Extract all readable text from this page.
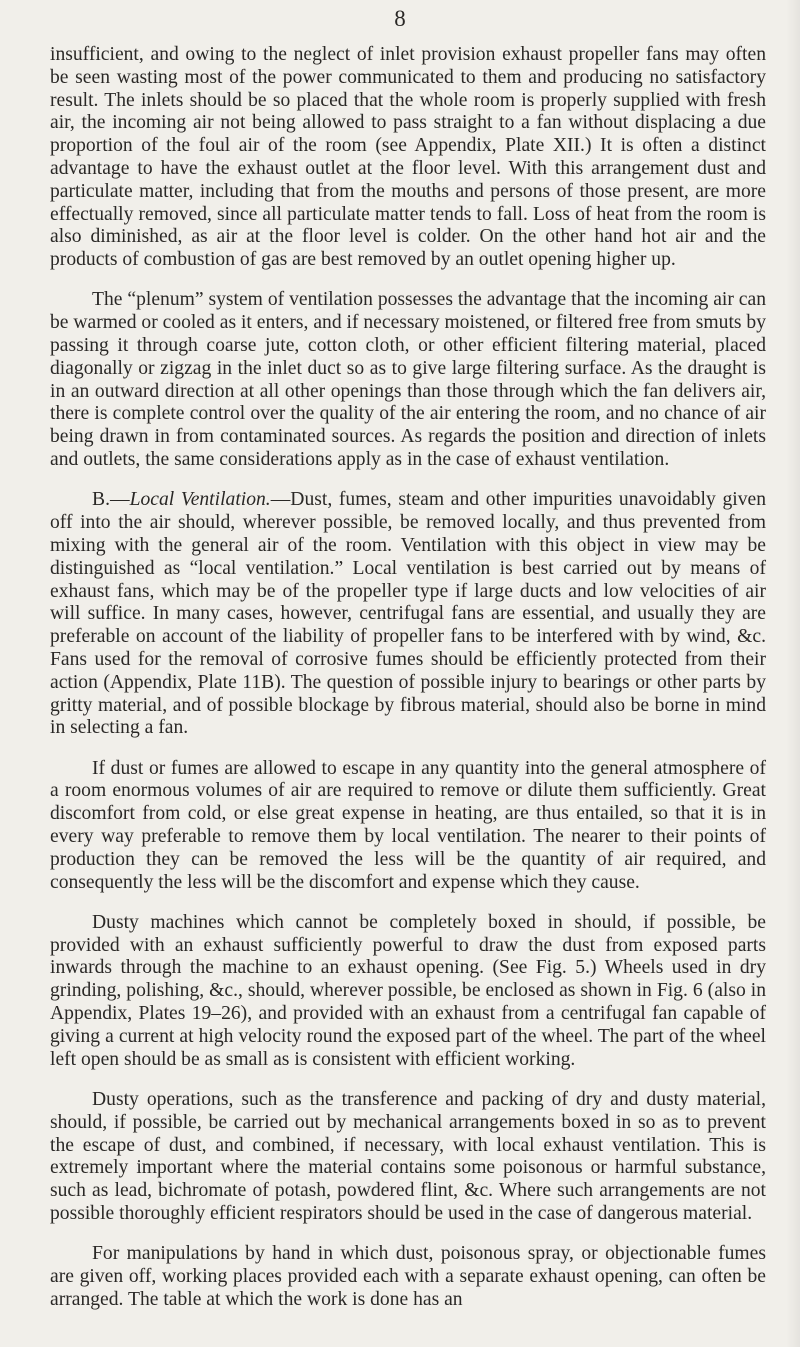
8

insufficient, and owing to the neglect of inlet provision exhaust propeller fans may often be seen wasting most of the power communicated to them and producing no satisfactory result. The inlets should be so placed that the whole room is properly supplied with fresh air, the incoming air not being allowed to pass straight to a fan without displacing a due proportion of the foul air of the room (see Appendix, Plate XII.) It is often a distinct advantage to have the exhaust outlet at the floor level. With this arrangement dust and particulate matter, including that from the mouths and persons of those present, are more effectually removed, since all particulate matter tends to fall. Loss of heat from the room is also diminished, as air at the floor level is colder. On the other hand hot air and the products of combustion of gas are best removed by an outlet opening higher up.

The “plenum” system of ventilation possesses the advantage that the incoming air can be warmed or cooled as it enters, and if necessary moistened, or filtered free from smuts by passing it through coarse jute, cotton cloth, or other efficient filtering material, placed diagonally or zigzag in the inlet duct so as to give large filtering surface. As the draught is in an outward direction at all other openings than those through which the fan delivers air, there is complete control over the quality of the air entering the room, and no chance of air being drawn in from contaminated sources. As regards the position and direction of inlets and outlets, the same considerations apply as in the case of exhaust ventilation.

B.—Local Ventilation.—Dust, fumes, steam and other impurities unavoidably given off into the air should, wherever possible, be removed locally, and thus prevented from mixing with the general air of the room. Ventilation with this object in view may be distinguished as “local ventilation.” Local ventilation is best carried out by means of exhaust fans, which may be of the propeller type if large ducts and low velocities of air will suffice. In many cases, however, centrifugal fans are essential, and usually they are preferable on account of the liability of propeller fans to be interfered with by wind, &c. Fans used for the removal of corrosive fumes should be efficiently protected from their action (Appendix, Plate 11B). The question of possible injury to bearings or other parts by gritty material, and of possible blockage by fibrous material, should also be borne in mind in selecting a fan.

If dust or fumes are allowed to escape in any quantity into the general atmosphere of a room enormous volumes of air are required to remove or dilute them sufficiently. Great discomfort from cold, or else great expense in heating, are thus entailed, so that it is in every way preferable to remove them by local ventilation. The nearer to their points of production they can be removed the less will be the quantity of air required, and consequently the less will be the discomfort and expense which they cause.

Dusty machines which cannot be completely boxed in should, if possible, be provided with an exhaust sufficiently powerful to draw the dust from exposed parts inwards through the machine to an exhaust opening. (See Fig. 5.) Wheels used in dry grinding, polishing, &c., should, wherever possible, be enclosed as shown in Fig. 6 (also in Appendix, Plates 19–26), and provided with an exhaust from a centrifugal fan capable of giving a current at high velocity round the exposed part of the wheel. The part of the wheel left open should be as small as is consistent with efficient working.

Dusty operations, such as the transference and packing of dry and dusty material, should, if possible, be carried out by mechanical arrangements boxed in so as to prevent the escape of dust, and combined, if necessary, with local exhaust ventilation. This is extremely important where the material contains some poisonous or harmful substance, such as lead, bichromate of potash, powdered flint, &c. Where such arrangements are not possible thoroughly efficient respirators should be used in the case of dangerous material.

For manipulations by hand in which dust, poisonous spray, or objectionable fumes are given off, working places provided each with a separate exhaust opening, can often be arranged. The table at which the work is done has an
